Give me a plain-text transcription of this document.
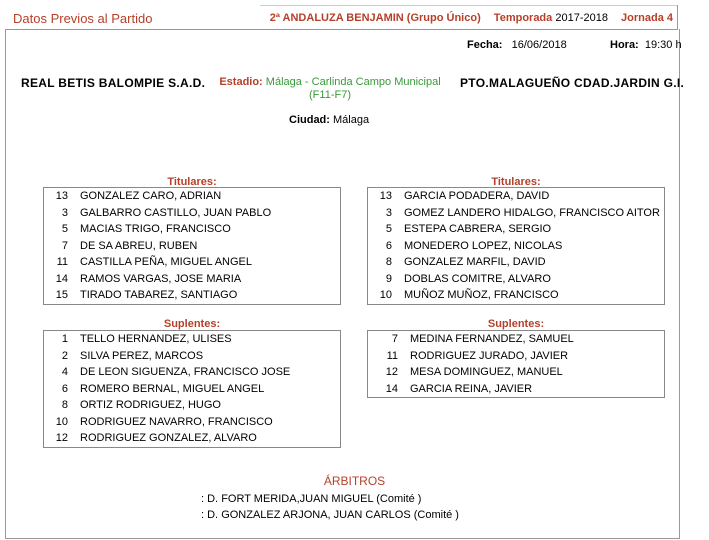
Datos Previos al Partido	2ª ANDALUZA BENJAMIN (Grupo Único) Temporada 2017-2018 Jornada 4
Fecha: 16/06/2018	Hora: 19:30 h
REAL BETIS BALOMPIE S.A.D.	Estadio: Málaga - Carlinda Campo Municipal (F11-F7)
PTO.MALAGUEÑO CDAD.JARDIN G.I.
Ciudad: Málaga
Titulares:
13 GONZALEZ CARO, ADRIAN
3 GALBARRO CASTILLO, JUAN PABLO
5 MACIAS TRIGO, FRANCISCO
7 DE SA ABREU, RUBEN
11 CASTILLA PEÑA, MIGUEL ANGEL
14 RAMOS VARGAS, JOSE MARIA
15 TIRADO TABAREZ, SANTIAGO
Titulares:
13 GARCIA PODADERA, DAVID
3 GOMEZ LANDERO HIDALGO, FRANCISCO AITOR
5 ESTEPA CABRERA, SERGIO
6 MONEDERO LOPEZ, NICOLAS
8 GONZALEZ MARFIL, DAVID
9 DOBLAS COMITRE, ALVARO
10 MUÑOZ MUÑOZ, FRANCISCO
Suplentes:
1 TELLO HERNANDEZ, ULISES
2 SILVA PEREZ, MARCOS
4 DE LEON SIGUENZA, FRANCISCO JOSE
6 ROMERO BERNAL, MIGUEL ANGEL
8 ORTIZ RODRIGUEZ, HUGO
10 RODRIGUEZ NAVARRO, FRANCISCO
12 RODRIGUEZ GONZALEZ, ALVARO
Suplentes:
7 MEDINA FERNANDEZ, SAMUEL
11 RODRIGUEZ JURADO, JAVIER
12 MESA DOMINGUEZ, MANUEL
14 GARCIA REINA, JAVIER
ÁRBITROS
: D. FORT MERIDA,JUAN MIGUEL (Comité )
: D. GONZALEZ ARJONA, JUAN CARLOS (Comité )
